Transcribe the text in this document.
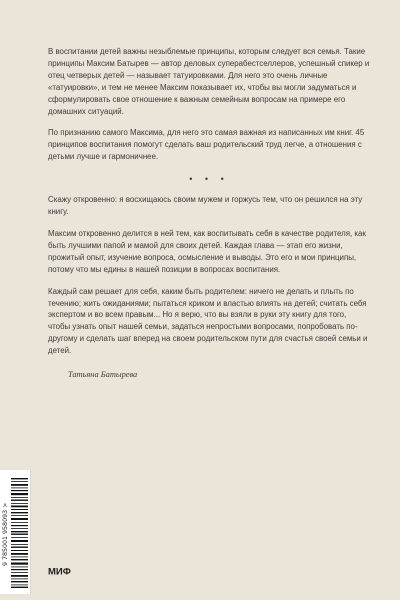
В воспитании детей важны незыблемые принципы, которым следует вся семья. Такие принципы Максим Батырев — автор деловых суперабестселлеров, успешный спикер и отец четверых детей — называет татуировками. Для него это очень личные «татуировки», и тем не менее Максим показывает их, чтобы вы могли задуматься и сформулировать свое отношение к важным семейным вопросам на примере его домашних ситуаций.

По признанию самого Максима, для него это самая важная из написанных им книг. 45 принципов воспитания помогут сделать ваш родительский труд легче, а отношения с детьми лучше и гармоничнее.

• • •

Скажу откровенно: я восхищаюсь своим мужем и горжусь тем, что он решился на эту книгу.

Максим откровенно делится в ней тем, как воспитывать себя в качестве родителя, как быть лучшими папой и мамой для своих детей. Каждая глава — этап его жизни, прожитый опыт, изучение вопроса, осмысление и выводы. Это его и мои принципы, потому что мы едины в нашей позиции в вопросах воспитания.

Каждый сам решает для себя, каким быть родителем: ничего не делать и плыть по течению; жить ожиданиями; пытаться криком и властью влиять на детей; считать себя экспертом и во всем правым... Но я верю, что вы взяли в руки эту книгу для того, чтобы узнать опыт нашей семьи, задаться непростыми вопросами, попробовать по-другому и сделать шаг вперед на своем родительском пути для счастья своей семьи и детей.

Татьяна Батырева
9 785001 958093 >
МИФ
